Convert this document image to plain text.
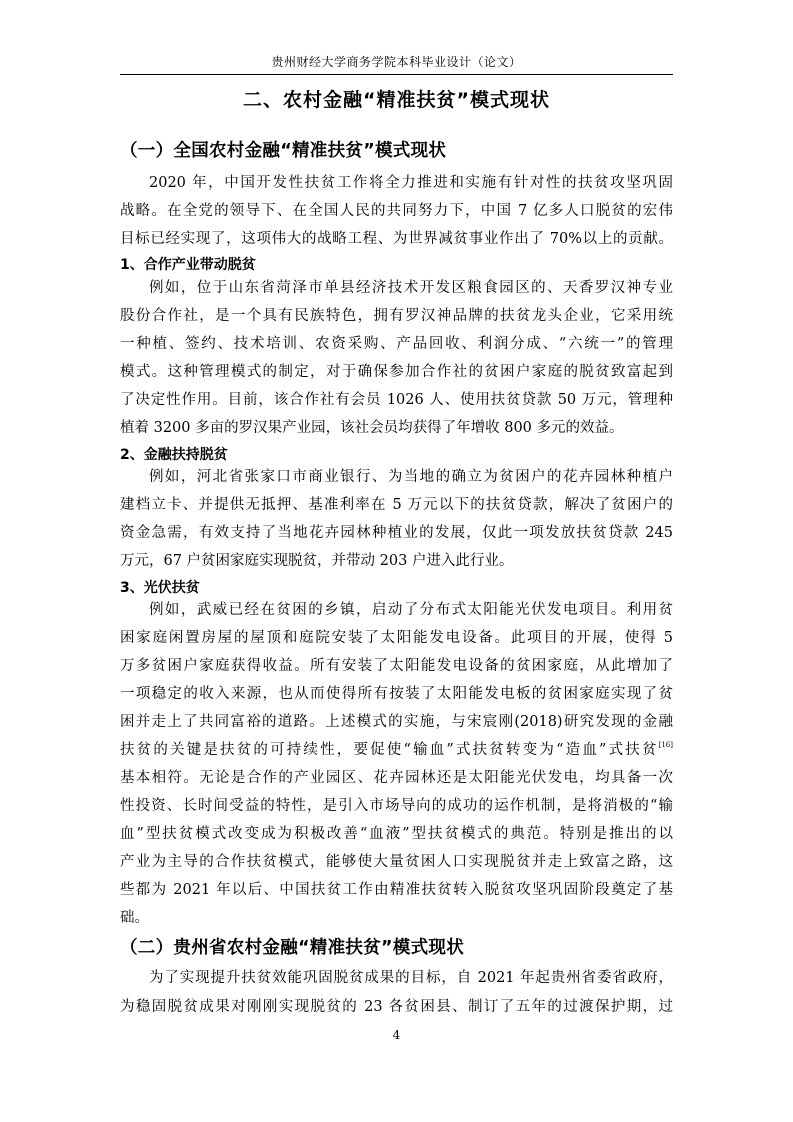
贵州财经大学商务学院本科毕业设计（论文）
二、农村金融“精准扶贫”模式现状
（一）全国农村金融“精准扶贫”模式现状
2020 年，中国开发性扶贫工作将全力推进和实施有针对性的扶贫攻坚巩固
战略。在全党的领导下、在全国人民的共同努力下，中国 7 亿多人口脱贫的宏伟
目标已经实现了，这项伟大的战略工程、为世界减贫事业作出了 70%以上的贡献。
1、合作产业带动脱贫
例如，位于山东省菏泽市单县经济技术开发区粮食园区的、天香罗汉神专业
股份合作社，是一个具有民族特色，拥有罗汉神品牌的扶贫龙头企业，它采用统
一种植、签约、技术培训、农资采购、产品回收、利润分成、“六统一”的管理
模式。这种管理模式的制定，对于确保参加合作社的贫困户家庭的脱贫致富起到
了决定性作用。目前，该合作社有会员 1026 人、使用扶贫贷款 50 万元，管理种
植着 3200 多亩的罗汉果产业园，该社会员均获得了年增收 800 多元的效益。
2、金融扶持脱贫
例如，河北省张家口市商业银行、为当地的确立为贫困户的花卉园林种植户
建档立卡、并提供无抵押、基准利率在 5 万元以下的扶贫贷款，解决了贫困户的
资金急需，有效支持了当地花卉园林种植业的发展，仅此一项发放扶贫贷款 245
万元，67 户贫困家庭实现脱贫，并带动 203 户进入此行业。
3、光伏扶贫
例如，武威已经在贫困的乡镇，启动了分布式太阳能光伏发电项目。利用贫
困家庭闲置房屋的屋顶和庭院安装了太阳能发电设备。此项目的开展，使得 5
万多贫困户家庭获得收益。所有安装了太阳能发电设备的贫困家庭，从此增加了
一项稳定的收入来源，也从而使得所有按装了太阳能发电板的贫困家庭实现了贫
困并走上了共同富裕的道路。上述模式的实施，与宋宸刚(2018)研究发现的金融
扶贫的关键是扶贫的可持续性，要促使“输血”式扶贫转变为“造血”式扶贫[16]
基本相符。无论是合作的产业园区、花卉园林还是太阳能光伏发电，均具备一次
性投资、长时间受益的特性，是引入市场导向的成功的运作机制，是将消极的“输
血”型扶贫模式改变成为积极改善“血液”型扶贫模式的典范。特别是推出的以
产业为主导的合作扶贫模式，能够使大量贫困人口实现脱贫并走上致富之路，这
些都为 2021 年以后、中国扶贫工作由精准扶贫转入脱贫攻坚巩固阶段奠定了基
础。
（二）贵州省农村金融“精准扶贫”模式现状
为了实现提升扶贫效能巩固脱贫成果的目标，自 2021 年起贵州省委省政府，
为稳固脱贫成果对刚刚实现脱贫的 23 各贫困县、制订了五年的过渡保护期，过
4
